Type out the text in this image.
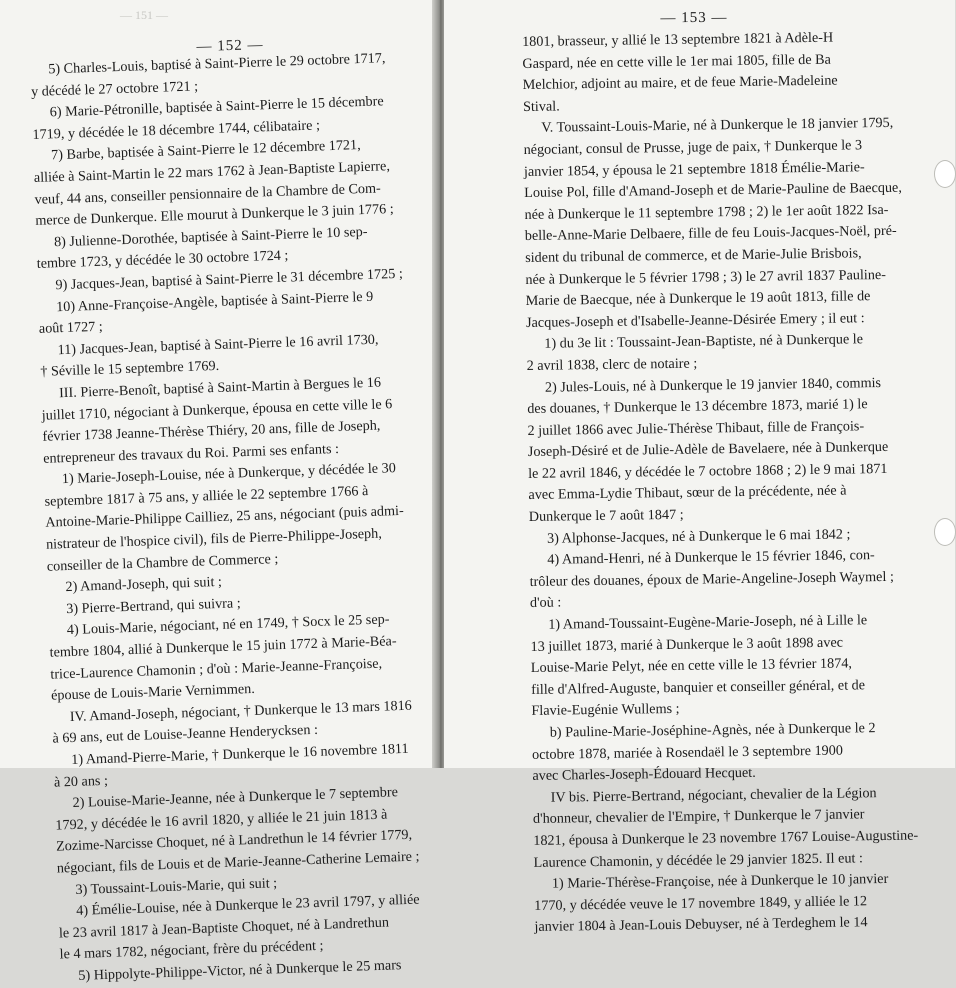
— 151 —
— 152 —
5) Charles-Louis, baptisé à Saint-Pierre le 29 octobre 1717,
y décédé le 27 octobre 1721 ;
6) Marie-Pétronille, baptisée à Saint-Pierre le 15 décembre
1719, y décédée le 18 décembre 1744, célibataire ;
7) Barbe, baptisée à Saint-Pierre le 12 décembre 1721,
alliée à Saint-Martin le 22 mars 1762 à Jean-Baptiste Lapierre,
veuf, 44 ans, conseiller pensionnaire de la Chambre de Com-
merce de Dunkerque. Elle mourut à Dunkerque le 3 juin 1776 ;
8) Julienne-Dorothée, baptisée à Saint-Pierre le 10 sep-
tembre 1723, y décédée le 30 octobre 1724 ;
9) Jacques-Jean, baptisé à Saint-Pierre le 31 décembre 1725 ;
10) Anne-Françoise-Angèle, baptisée à Saint-Pierre le 9
août 1727 ;
11) Jacques-Jean, baptisé à Saint-Pierre le 16 avril 1730,
† Séville le 15 septembre 1769.
III. Pierre-Benoît, baptisé à Saint-Martin à Bergues le 16
juillet 1710, négociant à Dunkerque, épousa en cette ville le 6
février 1738 Jeanne-Thérèse Thiéry, 20 ans, fille de Joseph,
entrepreneur des travaux du Roi. Parmi ses enfants :
1) Marie-Joseph-Louise, née à Dunkerque, y décédée le 30
septembre 1817 à 75 ans, y alliée le 22 septembre 1766 à
Antoine-Marie-Philippe Cailliez, 25 ans, négociant (puis admi-
nistrateur de l'hospice civil), fils de Pierre-Philippe-Joseph,
conseiller de la Chambre de Commerce ;
2) Amand-Joseph, qui suit ;
3) Pierre-Bertrand, qui suivra ;
4) Louis-Marie, négociant, né en 1749, † Socx le 25 sep-
tembre 1804, allié à Dunkerque le 15 juin 1772 à Marie-Béa-
trice-Laurence Chamonin ; d'où : Marie-Jeanne-Françoise,
épouse de Louis-Marie Vernimmen.
IV. Amand-Joseph, négociant, † Dunkerque le 13 mars 1816
à 69 ans, eut de Louise-Jeanne Henderycksen :
1) Amand-Pierre-Marie, † Dunkerque le 16 novembre 1811
à 20 ans ;
2) Louise-Marie-Jeanne, née à Dunkerque le 7 septembre
1792, y décédée le 16 avril 1820, y alliée le 21 juin 1813 à
Zozime-Narcisse Choquet, né à Landrethun le 14 février 1779,
négociant, fils de Louis et de Marie-Jeanne-Catherine Lemaire ;
3) Toussaint-Louis-Marie, qui suit ;
4) Émélie-Louise, née à Dunkerque le 23 avril 1797, y alliée
le 23 avril 1817 à Jean-Baptiste Choquet, né à Landrethun
le 4 mars 1782, négociant, frère du précédent ;
5) Hippolyte-Philippe-Victor, né à Dunkerque le 25 mars
— 153 —
1801, brasseur, y allié le 13 septembre 1821 à Adèle-H
Gaspard, née en cette ville le 1er mai 1805, fille de Ba
Melchior, adjoint au maire, et de feue Marie-Madeleine
Stival.
V. Toussaint-Louis-Marie, né à Dunkerque le 18 janvier 1795,
négociant, consul de Prusse, juge de paix, † Dunkerque le 3
janvier 1854, y épousa le 21 septembre 1818 Émélie-Marie-
Louise Pol, fille d'Amand-Joseph et de Marie-Pauline de Baecque,
née à Dunkerque le 11 septembre 1798 ; 2) le 1er août 1822 Isa-
belle-Anne-Marie Delbaere, fille de feu Louis-Jacques-Noël, pré-
sident du tribunal de commerce, et de Marie-Julie Brisbois,
née à Dunkerque le 5 février 1798 ; 3) le 27 avril 1837 Pauline-
Marie de Baecque, née à Dunkerque le 19 août 1813, fille de
Jacques-Joseph et d'Isabelle-Jeanne-Désirée Emery ; il eut :
1) du 3e lit : Toussaint-Jean-Baptiste, né à Dunkerque le
2 avril 1838, clerc de notaire ;
2) Jules-Louis, né à Dunkerque le 19 janvier 1840, commis
des douanes, † Dunkerque le 13 décembre 1873, marié 1) le
2 juillet 1866 avec Julie-Thérèse Thibaut, fille de François-
Joseph-Désiré et de Julie-Adèle de Bavelaere, née à Dunkerque
le 22 avril 1846, y décédée le 7 octobre 1868 ; 2) le 9 mai 1871
avec Emma-Lydie Thibaut, sœur de la précédente, née à
Dunkerque le 7 août 1847 ;
3) Alphonse-Jacques, né à Dunkerque le 6 mai 1842 ;
4) Amand-Henri, né à Dunkerque le 15 février 1846, con-
trôleur des douanes, époux de Marie-Angeline-Joseph Waymel ;
d'où :
1) Amand-Toussaint-Eugène-Marie-Joseph, né à Lille le
13 juillet 1873, marié à Dunkerque le 3 août 1898 avec
Louise-Marie Pelyt, née en cette ville le 13 février 1874,
fille d'Alfred-Auguste, banquier et conseiller général, et de
Flavie-Eugénie Wullems ;
b) Pauline-Marie-Joséphine-Agnès, née à Dunkerque le 2
octobre 1878, mariée à Rosendaël le 3 septembre 1900
avec Charles-Joseph-Édouard Hecquet.
IV bis. Pierre-Bertrand, négociant, chevalier de la Légion
d'honneur, chevalier de l'Empire, † Dunkerque le 7 janvier
1821, épousa à Dunkerque le 23 novembre 1767 Louise-Augustine-
Laurence Chamonin, y décédée le 29 janvier 1825. Il eut :
1) Marie-Thérèse-Françoise, née à Dunkerque le 10 janvier
1770, y décédée veuve le 17 novembre 1849, y alliée le 12
janvier 1804 à Jean-Louis Debuyser, né à Terdeghem le 14
